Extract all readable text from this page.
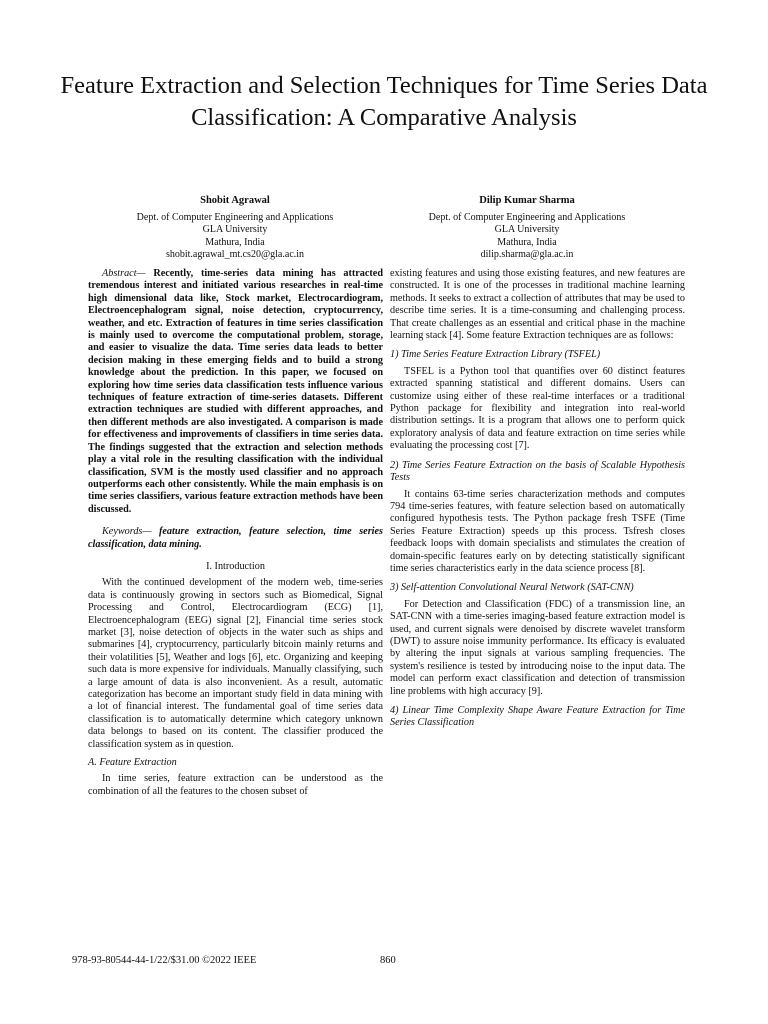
Feature Extraction and Selection Techniques for Time Series Data Classification: A Comparative Analysis
Shobit Agrawal
Dept. of Computer Engineering and Applications
GLA University
Mathura, India
shobit.agrawal_mt.cs20@gla.ac.in
Dilip Kumar Sharma
Dept. of Computer Engineering and Applications
GLA University
Mathura, India
dilip.sharma@gla.ac.in

Abstract— Recently, time-series data mining has attracted tremendous interest and initiated various researches in real-time high dimensional data like, Stock market, Electrocardiogram, Electroencephalogram signal, noise detection, cryptocurrency, weather, and etc. Extraction of features in time series classification is mainly used to overcome the computational problem, storage, and easier to visualize the data. Time series data leads to better decision making in these emerging fields and to build a strong knowledge about the prediction. In this paper, we focused on exploring how time series data classification tests influence various techniques of feature extraction of time-series datasets. Different extraction techniques are studied with different approaches, and then different methods are also investigated. A comparison is made for effectiveness and improvements of classifiers in time series data. The findings suggested that the extraction and selection methods play a vital role in the resulting classification with the individual classification, SVM is the mostly used classifier and no approach outperforms each other consistently. While the main emphasis is on time series classifiers, various feature extraction methods have been discussed.

Keywords— feature extraction, feature selection, time series classification, data mining.

I. Introduction

With the continued development of the modern web, time-series data is continuously growing in sectors such as Biomedical, Signal Processing and Control, Electrocardiogram (ECG) [1], Electroencephalogram (EEG) signal [2], Financial time series stock market [3], noise detection of objects in the water such as ships and submarines [4], cryptocurrency, particularly bitcoin mainly returns and their volatilities [5], Weather and logs [6], etc. Organizing and keeping such data is more expensive for individuals. Manually classifying, such a large amount of data is also inconvenient. As a result, automatic categorization has become an important study field in data mining with a lot of financial interest. The fundamental goal of time series data classification is to automatically determine which category unknown data belongs to based on its content. The classifier produced the classification system as in question.

A. Feature Extraction

In time series, feature extraction can be understood as the combination of all the features to the chosen subset of

existing features and using those existing features, and new features are constructed. It is one of the processes in traditional machine learning methods. It seeks to extract a collection of attributes that may be used to describe time series. It is a time-consuming and challenging process. That create challenges as an essential and critical phase in the machine learning stack [4]. Some feature Extraction techniques are as follows:

1) Time Series Feature Extraction Library (TSFEL)

TSFEL is a Python tool that quantifies over 60 distinct features extracted spanning statistical and different domains. Users can customize using either of these real-time interfaces or a traditional Python package for flexibility and integration into real-world distribution settings. It is a program that allows one to perform quick exploratory analysis of data and feature extraction on time series while evaluating the processing cost [7].

2) Time Series Feature Extraction on the basis of Scalable Hypothesis Tests

It contains 63-time series characterization methods and computes 794 time-series features, with feature selection based on automatically configured hypothesis tests. The Python package fresh TSFE (Time Series Feature Extraction) speeds up this process. Tsfresh closes feedback loops with domain specialists and stimulates the creation of domain-specific features early on by detecting statistically significant time series characteristics early in the data science process [8].

3) Self-attention Convolutional Neural Network (SAT-CNN)

For Detection and Classification (FDC) of a transmission line, an SAT-CNN with a time-series imaging-based feature extraction model is used, and current signals were denoised by discrete wavelet transform (DWT) to assure noise immunity performance. Its efficacy is evaluated by altering the input signals at various sampling frequencies. The system's resilience is tested by introducing noise to the input data. The model can perform exact classification and detection of transmission line problems with high accuracy [9].

4) Linear Time Complexity Shape Aware Feature Extraction for Time Series Classification
978-93-80544-44-1/22/$31.00 ©2022 IEEE	860
